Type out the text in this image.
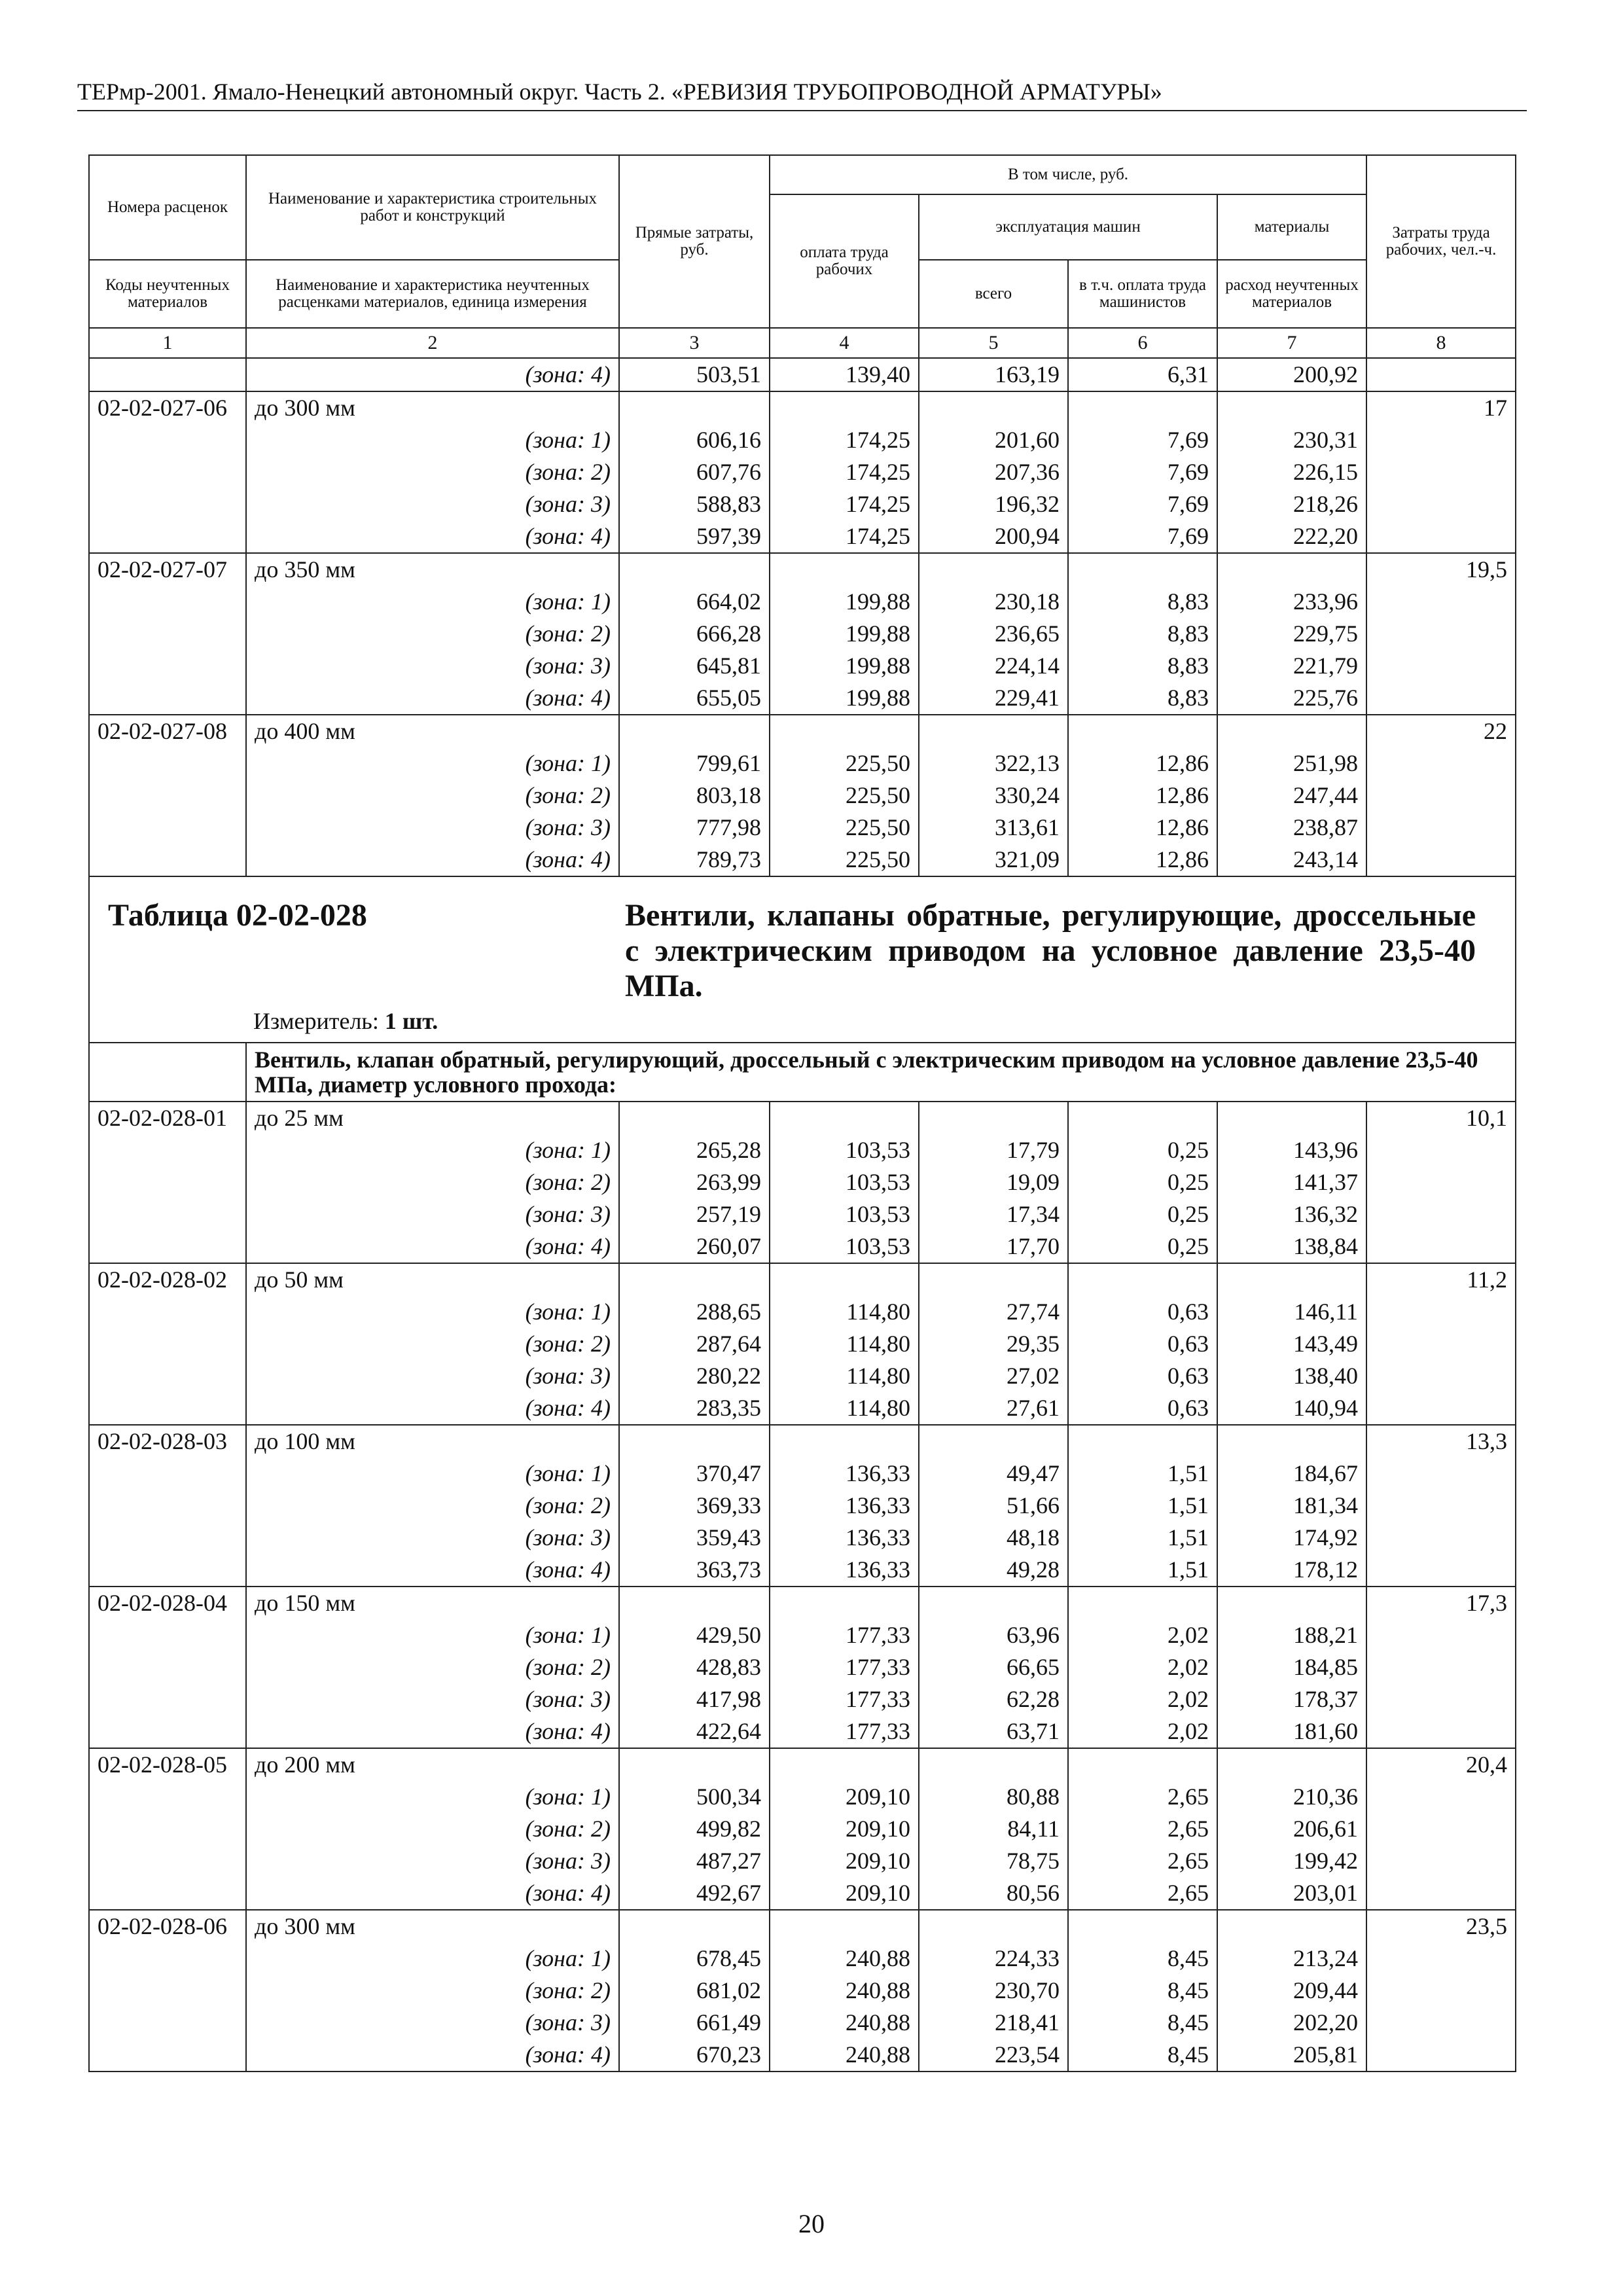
ТЕРмр-2001. Ямало-Ненецкий автономный округ. Часть 2. «РЕВИЗИЯ ТРУБОПРОВОДНОЙ АРМАТУРЫ»
Номера расценок	Наименование и характеристика строительных работ и конструкций	Прямые затраты, руб.	В том числе, руб.				Затраты труда рабочих, чел.-ч.
			оплата труда рабочих	эксплуатация машин		материалы	
Коды неучтенных материалов	Наименование и характеристика неучтенных расценками материалов, единица измерения			всего	в т.ч. оплата труда машинистов	расход неучтенных материалов	

1	2	3	4	5	6	7	8
	(зона: 4)	503,51	139,40	163,19	6,31	200,92	
02-02-027-06	до 300 мм						17
	(зона: 1)	606,16	174,25	201,60	7,69	230,31	
	(зона: 2)	607,76	174,25	207,36	7,69	226,15	
	(зона: 3)	588,83	174,25	196,32	7,69	218,26	
	(зона: 4)	597,39	174,25	200,94	7,69	222,20	
02-02-027-07	до 350 мм						19,5
	(зона: 1)	664,02	199,88	230,18	8,83	233,96	
	(зона: 2)	666,28	199,88	236,65	8,83	229,75	
	(зона: 3)	645,81	199,88	224,14	8,83	221,79	
	(зона: 4)	655,05	199,88	229,41	8,83	225,76	
02-02-027-08	до 400 мм						22
	(зона: 1)	799,61	225,50	322,13	12,86	251,98	
	(зона: 2)	803,18	225,50	330,24	12,86	247,44	
	(зона: 3)	777,98	225,50	313,61	12,86	238,87	
	(зона: 4)	789,73	225,50	321,09	12,86	243,14	

Таблица 02-02-028 Вентили, клапаны обратные, регулирующие, дроссельные с электрическим приводом на условное давление 23,5-40 МПа.
Измеритель: 1 шт.							

	Вентиль, клапан обратный, регулирующий, дроссельный с электрическим приводом на условное давление 23,5-40 МПа, диаметр условного прохода:						
02-02-028-01	до 25 мм						10,1
	(зона: 1)	265,28	103,53	17,79	0,25	143,96	
	(зона: 2)	263,99	103,53	19,09	0,25	141,37	
	(зона: 3)	257,19	103,53	17,34	0,25	136,32	
	(зона: 4)	260,07	103,53	17,70	0,25	138,84	
02-02-028-02	до 50 мм						11,2
	(зона: 1)	288,65	114,80	27,74	0,63	146,11	
	(зона: 2)	287,64	114,80	29,35	0,63	143,49	
	(зона: 3)	280,22	114,80	27,02	0,63	138,40	
	(зона: 4)	283,35	114,80	27,61	0,63	140,94	
02-02-028-03	до 100 мм						13,3
	(зона: 1)	370,47	136,33	49,47	1,51	184,67	
	(зона: 2)	369,33	136,33	51,66	1,51	181,34	
	(зона: 3)	359,43	136,33	48,18	1,51	174,92	
	(зона: 4)	363,73	136,33	49,28	1,51	178,12	
02-02-028-04	до 150 мм						17,3
	(зона: 1)	429,50	177,33	63,96	2,02	188,21	
	(зона: 2)	428,83	177,33	66,65	2,02	184,85	
	(зона: 3)	417,98	177,33	62,28	2,02	178,37	
	(зона: 4)	422,64	177,33	63,71	2,02	181,60	
02-02-028-05	до 200 мм						20,4
	(зона: 1)	500,34	209,10	80,88	2,65	210,36	
	(зона: 2)	499,82	209,10	84,11	2,65	206,61	
	(зона: 3)	487,27	209,10	78,75	2,65	199,42	
	(зона: 4)	492,67	209,10	80,56	2,65	203,01	
02-02-028-06	до 300 мм						23,5
	(зона: 1)	678,45	240,88	224,33	8,45	213,24	
	(зона: 2)	681,02	240,88	230,70	8,45	209,44	
	(зона: 3)	661,49	240,88	218,41	8,45	202,20	
	(зона: 4)	670,23	240,88	223,54	8,45	205,81	
20
